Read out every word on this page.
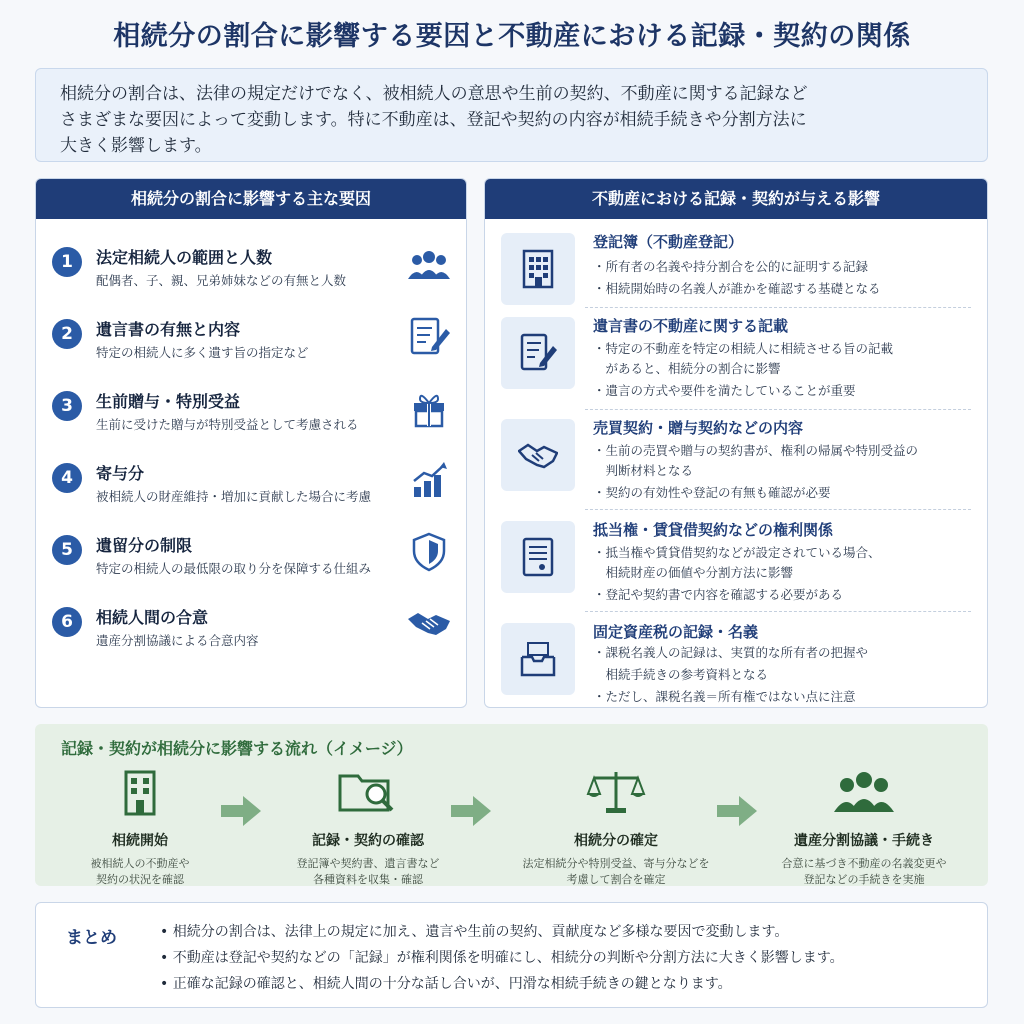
相続分の割合に影響する要因と不動産における記録・契約の関係
相続分の割合は、法律の規定だけでなく、被相続人の意思や生前の契約、不動産に関する記録など
さまざまな要因によって変動します。特に不動産は、登記や契約の内容が相続手続きや分割方法に
大きく影響します。
相続分の割合に影響する主な要因
1	法定相続人の範囲と人数
配偶者、子、親、兄弟姉妹などの有無と人数
2	遺言書の有無と内容
特定の相続人に多く遺す旨の指定など
3	生前贈与・特別受益
生前に受けた贈与が特別受益として考慮される
4	寄与分
被相続人の財産維持・増加に貢献した場合に考慮
5	遺留分の制限
特定の相続人の最低限の取り分を保障する仕組み
6	相続人間の合意
遺産分割協議による合意内容
不動産における記録・契約が与える影響
登記簿（不動産登記）
・所有者の名義や持分割合を公的に証明する記録
・相続開始時の名義人が誰かを確認する基礎となる
遺言書の不動産に関する記載
・特定の不動産を特定の相続人に相続させる旨の記載
　があると、相続分の割合に影響
・遺言の方式や要件を満たしていることが重要
売買契約・贈与契約などの内容
・生前の売買や贈与の契約書が、権利の帰属や特別受益の
　判断材料となる
・契約の有効性や登記の有無も確認が必要
抵当権・賃貸借契約などの権利関係
・抵当権や賃貸借契約などが設定されている場合、
　相続財産の価値や分割方法に影響
・登記や契約書で内容を確認する必要がある
固定資産税の記録・名義
・課税名義人の記録は、実質的な所有者の把握や
　相続手続きの参考資料となる
・ただし、課税名義＝所有権ではない点に注意
記録・契約が相続分に影響する流れ（イメージ）
相続開始
被相続人の不動産や
契約の状況を確認
記録・契約の確認
登記簿や契約書、遺言書など
各種資料を収集・確認
相続分の確定
法定相続分や特別受益、寄与分などを
考慮して割合を確定
遺産分割協議・手続き
合意に基づき不動産の名義変更や
登記などの手続きを実施
まとめ	• 相続分の割合は、法律上の規定に加え、遺言や生前の契約、貢献度など多様な要因で変動します。
• 不動産は登記や契約などの「記録」が権利関係を明確にし、相続分の判断や分割方法に大きく影響します。
• 正確な記録の確認と、相続人間の十分な話し合いが、円滑な相続手続きの鍵となります。
